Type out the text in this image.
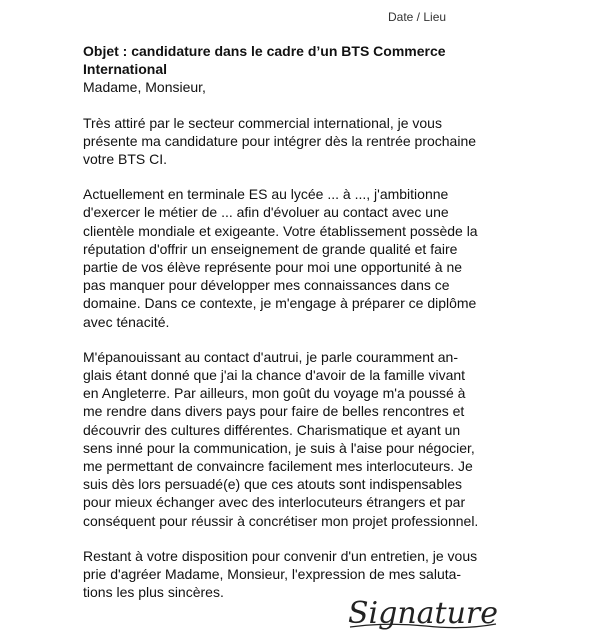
Date / Lieu
Objet : candidature dans le cadre d’un BTS Commerce
International
Madame, Monsieur,
Très attiré par le secteur commercial international, je vous
présente ma candidature pour intégrer dès la rentrée prochaine
votre BTS CI.
Actuellement en terminale ES au lycée ... à ..., j'ambitionne
d'exercer le métier de ... afin d'évoluer au contact avec une
clientèle mondiale et exigeante. Votre établissement possède la
réputation d'offrir un enseignement de grande qualité et faire
partie de vos élève représente pour moi une opportunité à ne
pas manquer pour développer mes connaissances dans ce
domaine. Dans ce contexte, je m'engage à préparer ce diplôme
avec ténacité.
M'épanouissant au contact d'autrui, je parle couramment an-
glais étant donné que j'ai la chance d'avoir de la famille vivant
en Angleterre. Par ailleurs, mon goût du voyage m'a poussé à
me rendre dans divers pays pour faire de belles rencontres et
découvrir des cultures différentes. Charismatique et ayant un
sens inné pour la communication, je suis à l'aise pour négocier,
me permettant de convaincre facilement mes interlocuteurs. Je
suis dès lors persuadé(e) que ces atouts sont indispensables
pour mieux échanger avec des interlocuteurs étrangers et par
conséquent pour réussir à concrétiser mon projet professionnel.
Restant à votre disposition pour convenir d'un entretien, je vous
prie d'agréer Madame, Monsieur, l'expression de mes saluta-
tions les plus sincères.
Signature
